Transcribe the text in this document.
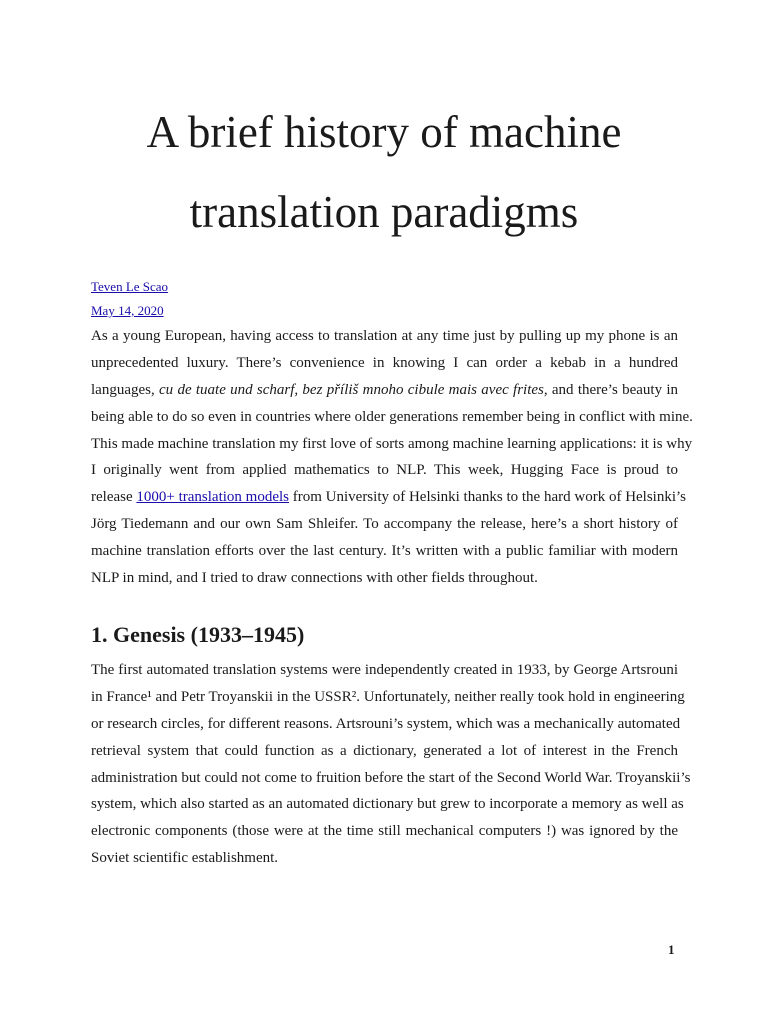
A brief history of machine
translation paradigms
Teven Le Scao
May 14, 2020
As a young European, having access to translation at any time just by pulling up my phone is an
unprecedented luxury. There’s convenience in knowing I can order a kebab in a hundred
languages, cu de tuate und scharf, bez příliš mnoho cibule mais avec frites, and there’s beauty in
being able to do so even in countries where older generations remember being in conflict with mine.
This made machine translation my first love of sorts among machine learning applications: it is why
I originally went from applied mathematics to NLP. This week, Hugging Face is proud to
release 1000+ translation models from University of Helsinki thanks to the hard work of Helsinki’s
Jörg Tiedemann and our own Sam Shleifer. To accompany the release, here’s a short history of
machine translation efforts over the last century. It’s written with a public familiar with modern
NLP in mind, and I tried to draw connections with other fields throughout.
1. Genesis (1933–1945)
The first automated translation systems were independently created in 1933, by George Artsrouni
in France¹ and Petr Troyanskii in the USSR². Unfortunately, neither really took hold in engineering
or research circles, for different reasons. Artsrouni’s system, which was a mechanically automated
retrieval system that could function as a dictionary, generated a lot of interest in the French
administration but could not come to fruition before the start of the Second World War. Troyanskii’s
system, which also started as an automated dictionary but grew to incorporate a memory as well as
electronic components (those were at the time still mechanical computers !) was ignored by the
Soviet scientific establishment.
1
